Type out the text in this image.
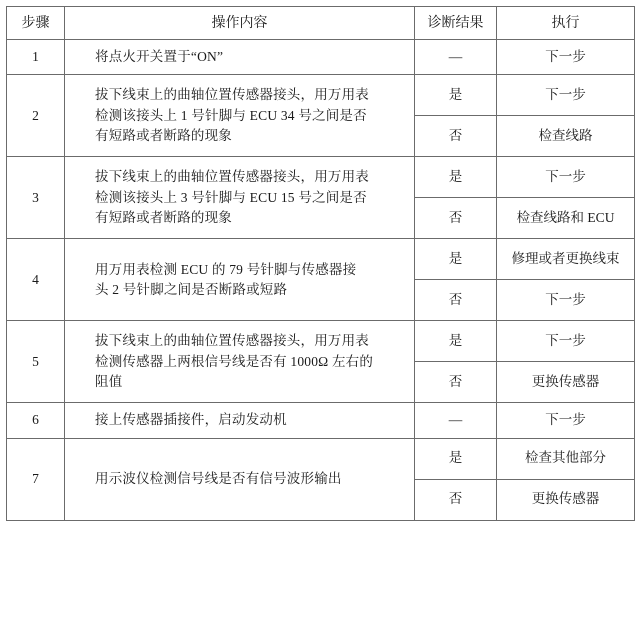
步骤	操作内容	诊断结果	执行
1	将点火开关置于“ON”	—	下一步
2	拔下线束上的曲轴位置传感器接头，用万用表
检测该接头上 1 号针脚与 ECU 34 号之间是否
有短路或者断路的现象	是	下一步
		否	检查线路
3	拔下线束上的曲轴位置传感器接头，用万用表
检测该接头上 3 号针脚与 ECU 15 号之间是否
有短路或者断路的现象	是	下一步
		否	检查线路和 ECU
4	用万用表检测 ECU 的 79 号针脚与传感器接
头 2 号针脚之间是否断路或短路	是	修理或者更换线束
		否	下一步
5	拔下线束上的曲轴位置传感器接头，用万用表
检测传感器上两根信号线是否有 1000Ω 左右的
阻值	是	下一步
		否	更换传感器
6	接上传感器插接件，启动发动机	—	下一步
7	用示波仪检测信号线是否有信号波形输出	是	检查其他部分
		否	更换传感器
